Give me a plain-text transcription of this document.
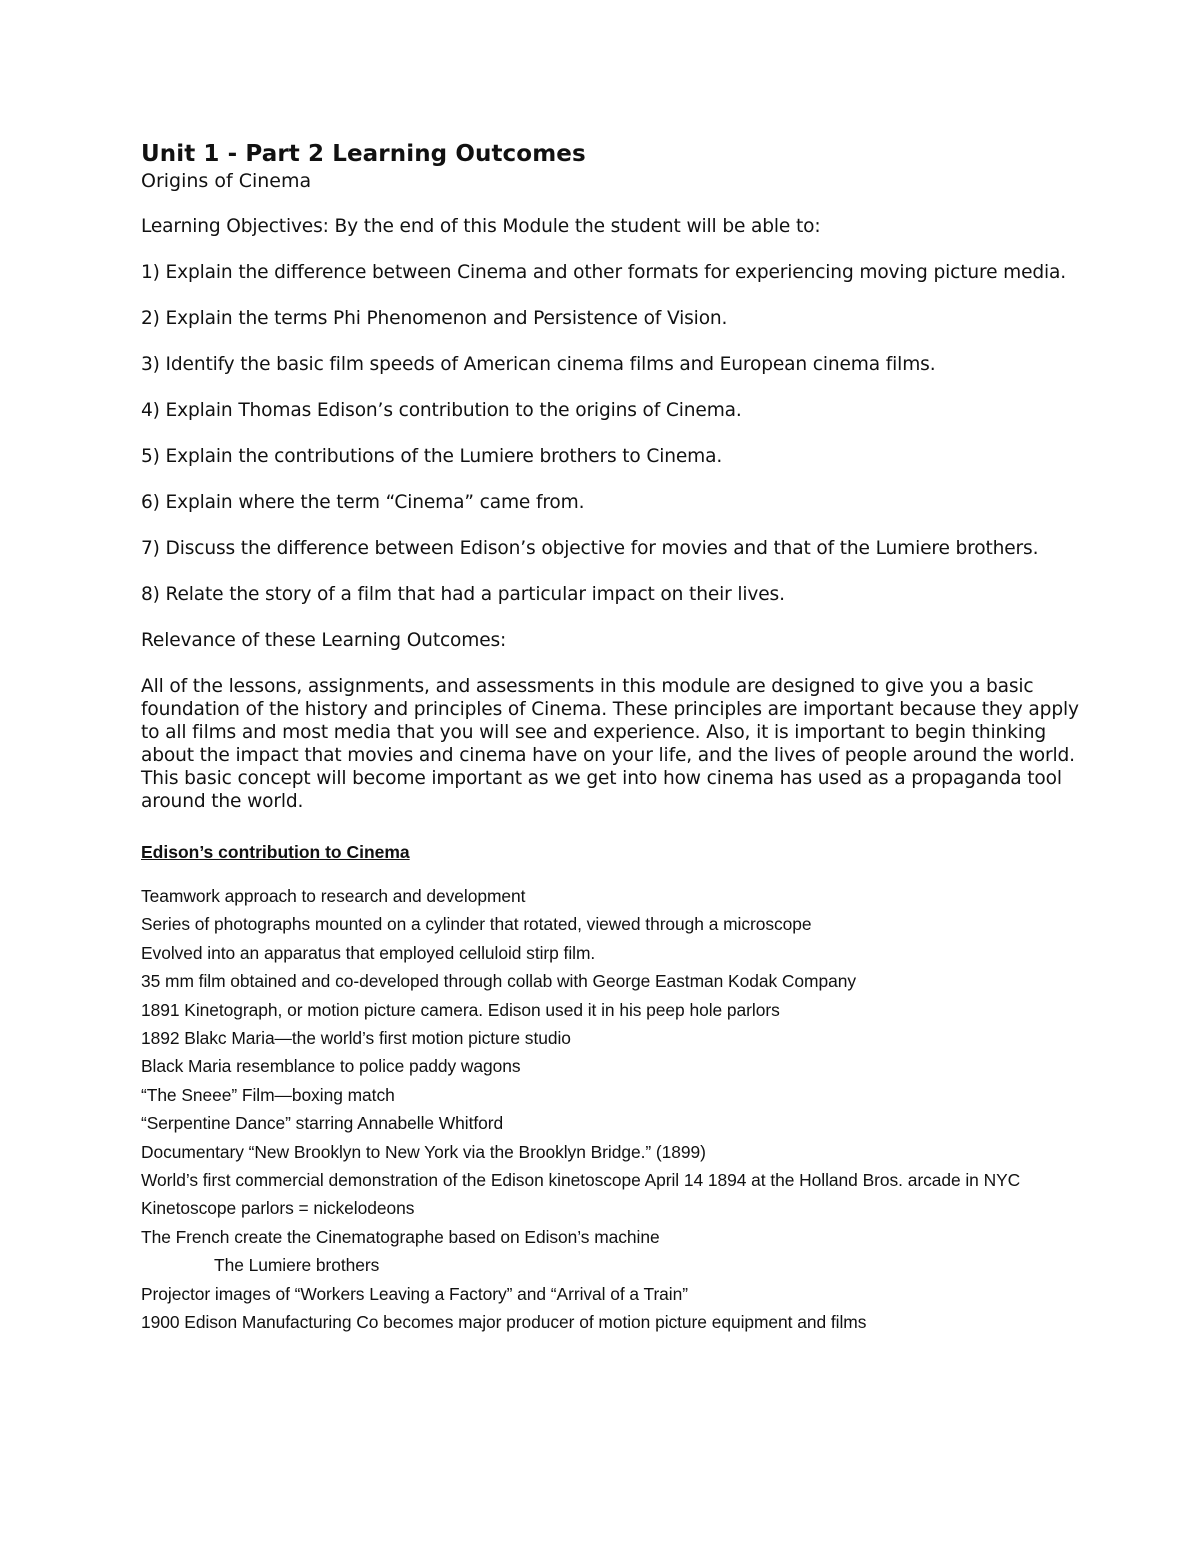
Unit 1 - Part 2 Learning Outcomes

Origins of Cinema

Learning Objectives: By the end of this Module the student will be able to:

1) Explain the difference between Cinema and other formats for experiencing moving picture media.
2) Explain the terms Phi Phenomenon and Persistence of Vision.
3) Identify the basic film speeds of American cinema films and European cinema films.
4) Explain Thomas Edison’s contribution to the origins of Cinema.
5) Explain the contributions of the Lumiere brothers to Cinema.
6) Explain where the term “Cinema” came from.
7) Discuss the difference between Edison’s objective for movies and that of the Lumiere brothers.
8) Relate the story of a film that had a particular impact on their lives.

Relevance of these Learning Outcomes:

All of the lessons, assignments, and assessments in this module are designed to give you a basic foundation of the history and principles of Cinema. These principles are important because they apply to all films and most media that you will see and experience. Also, it is important to begin thinking about the impact that movies and cinema have on your life, and the lives of people around the world. This basic concept will become important as we get into how cinema has used as a propaganda tool around the world.

Edison’s contribution to Cinema
Teamwork approach to research and development
Series of photographs mounted on a cylinder that rotated, viewed through a microscope
Evolved into an apparatus that employed celluloid stirp film.
35 mm film obtained and co-developed through collab with George Eastman Kodak Company
1891 Kinetograph, or motion picture camera. Edison used it in his peep hole parlors
1892 Blakc Maria—the world’s first motion picture studio
Black Maria resemblance to police paddy wagons
“The Sneee” Film—boxing match
“Serpentine Dance” starring Annabelle Whitford
Documentary “New Brooklyn to New York via the Brooklyn Bridge.” (1899)
World’s first commercial demonstration of the Edison kinetoscope April 14 1894 at the Holland Bros. arcade in NYC
Kinetoscope parlors = nickelodeons
The French create the Cinematographe based on Edison’s machine
The Lumiere brothers
Projector images of “Workers Leaving a Factory” and “Arrival of a Train”
1900 Edison Manufacturing Co becomes major producer of motion picture equipment and films
